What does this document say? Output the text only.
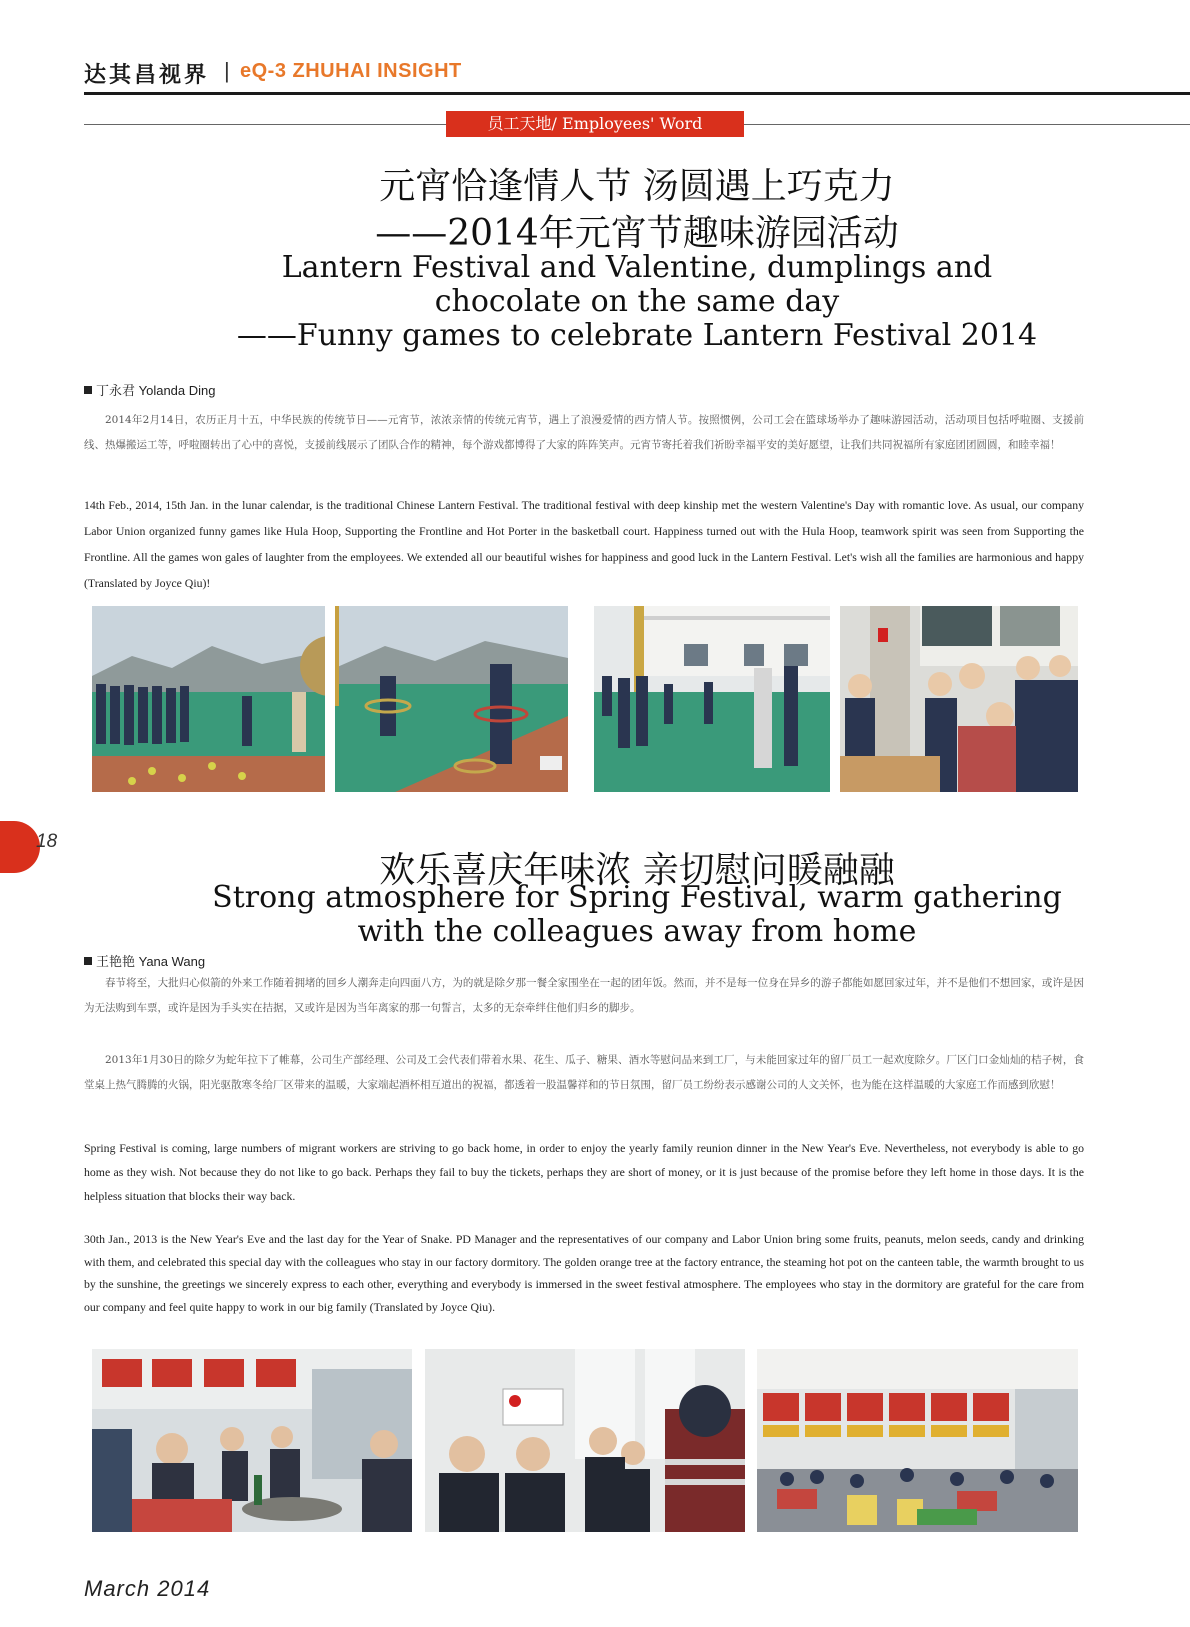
达其昌视界 | eQ-3 ZHUHAI INSIGHT
员工天地/ Employees' Word
元宵恰逢情人节 汤圆遇上巧克力
——2014年元宵节趣味游园活动
Lantern Festival and Valentine, dumplings and
chocolate on the same day
——Funny games to celebrate Lantern Festival 2014
丁永君 Yolanda Ding
2014年2月14日，农历正月十五，中华民族的传统节日——元宵节，浓浓亲情的传统元宵节，遇上了浪漫爱情的西方情人节。按照惯例，公司工会在篮球场举办了趣味游园活动，活动项目包括呼啦圈、支援前线、热爆搬运工等，呼啦圈转出了心中的喜悦，支援前线展示了团队合作的精神，每个游戏都博得了大家的阵阵笑声。元宵节寄托着我们祈盼幸福平安的美好愿望，让我们共同祝福所有家庭团团圆圆，和睦幸福！
14th Feb., 2014, 15th Jan. in the lunar calendar, is the traditional Chinese Lantern Festival. The traditional festival with deep kinship met the western Valentine's Day with romantic love. As usual, our company Labor Union organized funny games like Hula Hoop, Supporting the Frontline and Hot Porter in the basketball court. Happiness turned out with the Hula Hoop, teamwork spirit was seen from Supporting the Frontline. All the games won gales of laughter from the employees. We extended all our beautiful wishes for happiness and good luck in the Lantern Festival. Let's wish all the families are harmonious and happy (Translated by Joyce Qiu)!
18
欢乐喜庆年味浓 亲切慰问暖融融
Strong atmosphere for Spring Festival, warm gathering
with the colleagues away from home
王艳艳 Yana Wang
春节将至，大批归心似箭的外来工作随着拥堵的回乡人潮奔走向四面八方，为的就是除夕那一餐全家围坐在一起的团年饭。然而，并不是每一位身在异乡的游子都能如愿回家过年，并不是他们不想回家，或许是因为无法购到车票，或许是因为手头实在拮据，又或许是因为当年离家的那一句誓言，太多的无奈牵绊住他们归乡的脚步。
2013年1月30日的除夕为蛇年拉下了帷幕，公司生产部经理、公司及工会代表们带着水果、花生、瓜子、糖果、酒水等慰问品来到工厂，与未能回家过年的留厂员工一起欢度除夕。厂区门口金灿灿的桔子树，食堂桌上热气腾腾的火锅，阳光驱散寒冬给厂区带来的温暖，大家端起酒杯相互道出的祝福，都透着一股温馨祥和的节日氛围，留厂员工纷纷表示感谢公司的人文关怀，也为能在这样温暖的大家庭工作而感到欣慰！
Spring Festival is coming, large numbers of migrant workers are striving to go back home, in order to enjoy the yearly family reunion dinner in the New Year's Eve. Nevertheless, not everybody is able to go home as they wish. Not because they do not like to go back. Perhaps they fail to buy the tickets, perhaps they are short of money, or it is just because of the promise before they left home in those days. It is the helpless situation that blocks their way back.
30th Jan., 2013 is the New Year's Eve and the last day for the Year of Snake. PD Manager and the representatives of our company and Labor Union bring some fruits, peanuts, melon seeds, candy and drinking with them, and celebrated this special day with the colleagues who stay in our factory dormitory. The golden orange tree at the factory entrance, the steaming hot pot on the canteen table, the warmth brought to us by the sunshine, the greetings we sincerely express to each other, everything and everybody is immersed in the sweet festival atmosphere. The employees who stay in the dormitory are grateful for the care from our company and feel quite happy to work in our big family (Translated by Joyce Qiu).
March 2014
